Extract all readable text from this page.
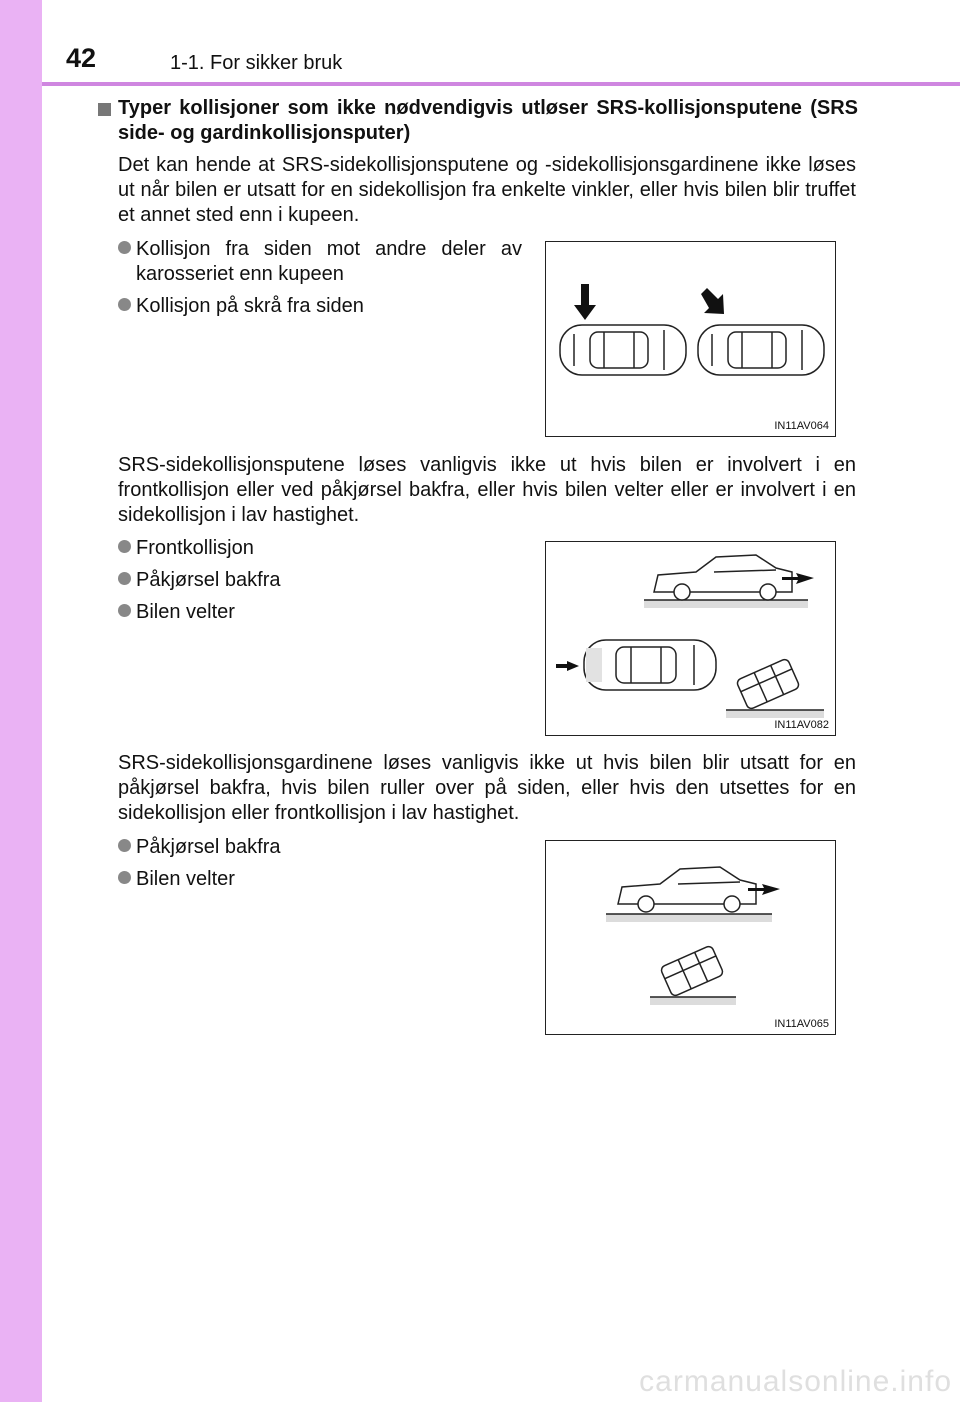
42	1-1. For sikker bruk
Typer kollisjoner som ikke nødvendigvis utløser SRS-kollisjonsputene (SRS side- og gardinkollisjonsputer)
Det kan hende at SRS-sidekollisjonsputene og -sidekollisjonsgardinene ikke løses ut når bilen er utsatt for en sidekollisjon fra enkelte vinkler, eller hvis bilen blir truffet et annet sted enn i kupeen.
Kollisjon fra siden mot andre deler av karosseriet enn kupeen
Kollisjon på skrå fra siden
IN11AV064
SRS-sidekollisjonsputene løses vanligvis ikke ut hvis bilen er involvert i en frontkollisjon eller ved påkjørsel bakfra, eller hvis bilen velter eller er involvert i en sidekollisjon i lav hastighet.
Frontkollisjon
Påkjørsel bakfra
Bilen velter
IN11AV082
SRS-sidekollisjonsgardinene løses vanligvis ikke ut hvis bilen blir utsatt for en påkjørsel bakfra, hvis bilen ruller over på siden, eller hvis den utsettes for en sidekollisjon eller frontkollisjon i lav hastighet.
Påkjørsel bakfra
Bilen velter
IN11AV065
carmanualsonline.info
